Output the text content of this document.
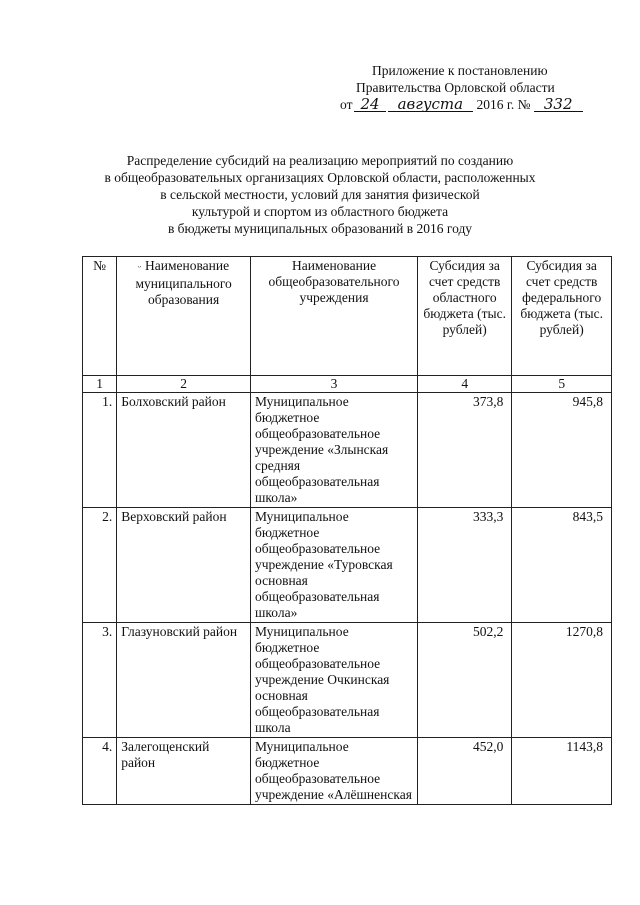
Приложение к постановлению
Правительства Орловской области
от 24 августа 2016 г. № 332
Распределение субсидий на реализацию мероприятий по созданию
в общеобразовательных организациях Орловской области, расположенных
в сельской местности, условий для занятия физической
культурой и спортом из областного бюджета
в бюджеты муниципальных образований в 2016 году
№	ᵕ Наименование муниципального образования	Наименование общеобразовательного учреждения	Субсидия за счет средств областного бюджета (тыс. рублей)	Субсидия за счет средств федерального бюджета (тыс. рублей)
1	2	3	4	5
1.	Болховский район	Муниципальное бюджетное общеобразовательное учреждение «Злынская средняя общеобразовательная школа»	373,8	945,8
2.	Верховский район	Муниципальное бюджетное общеобразовательное учреждение «Туровская основная общеобразовательная школа»	333,3	843,5
3.	Глазуновский район	Муниципальное бюджетное общеобразовательное учреждение Очкинская основная общеобразовательная школа	502,2	1270,8
4.	Залегощенский район	Муниципальное бюджетное общеобразовательное учреждение «Алёшненская	452,0	1143,8
